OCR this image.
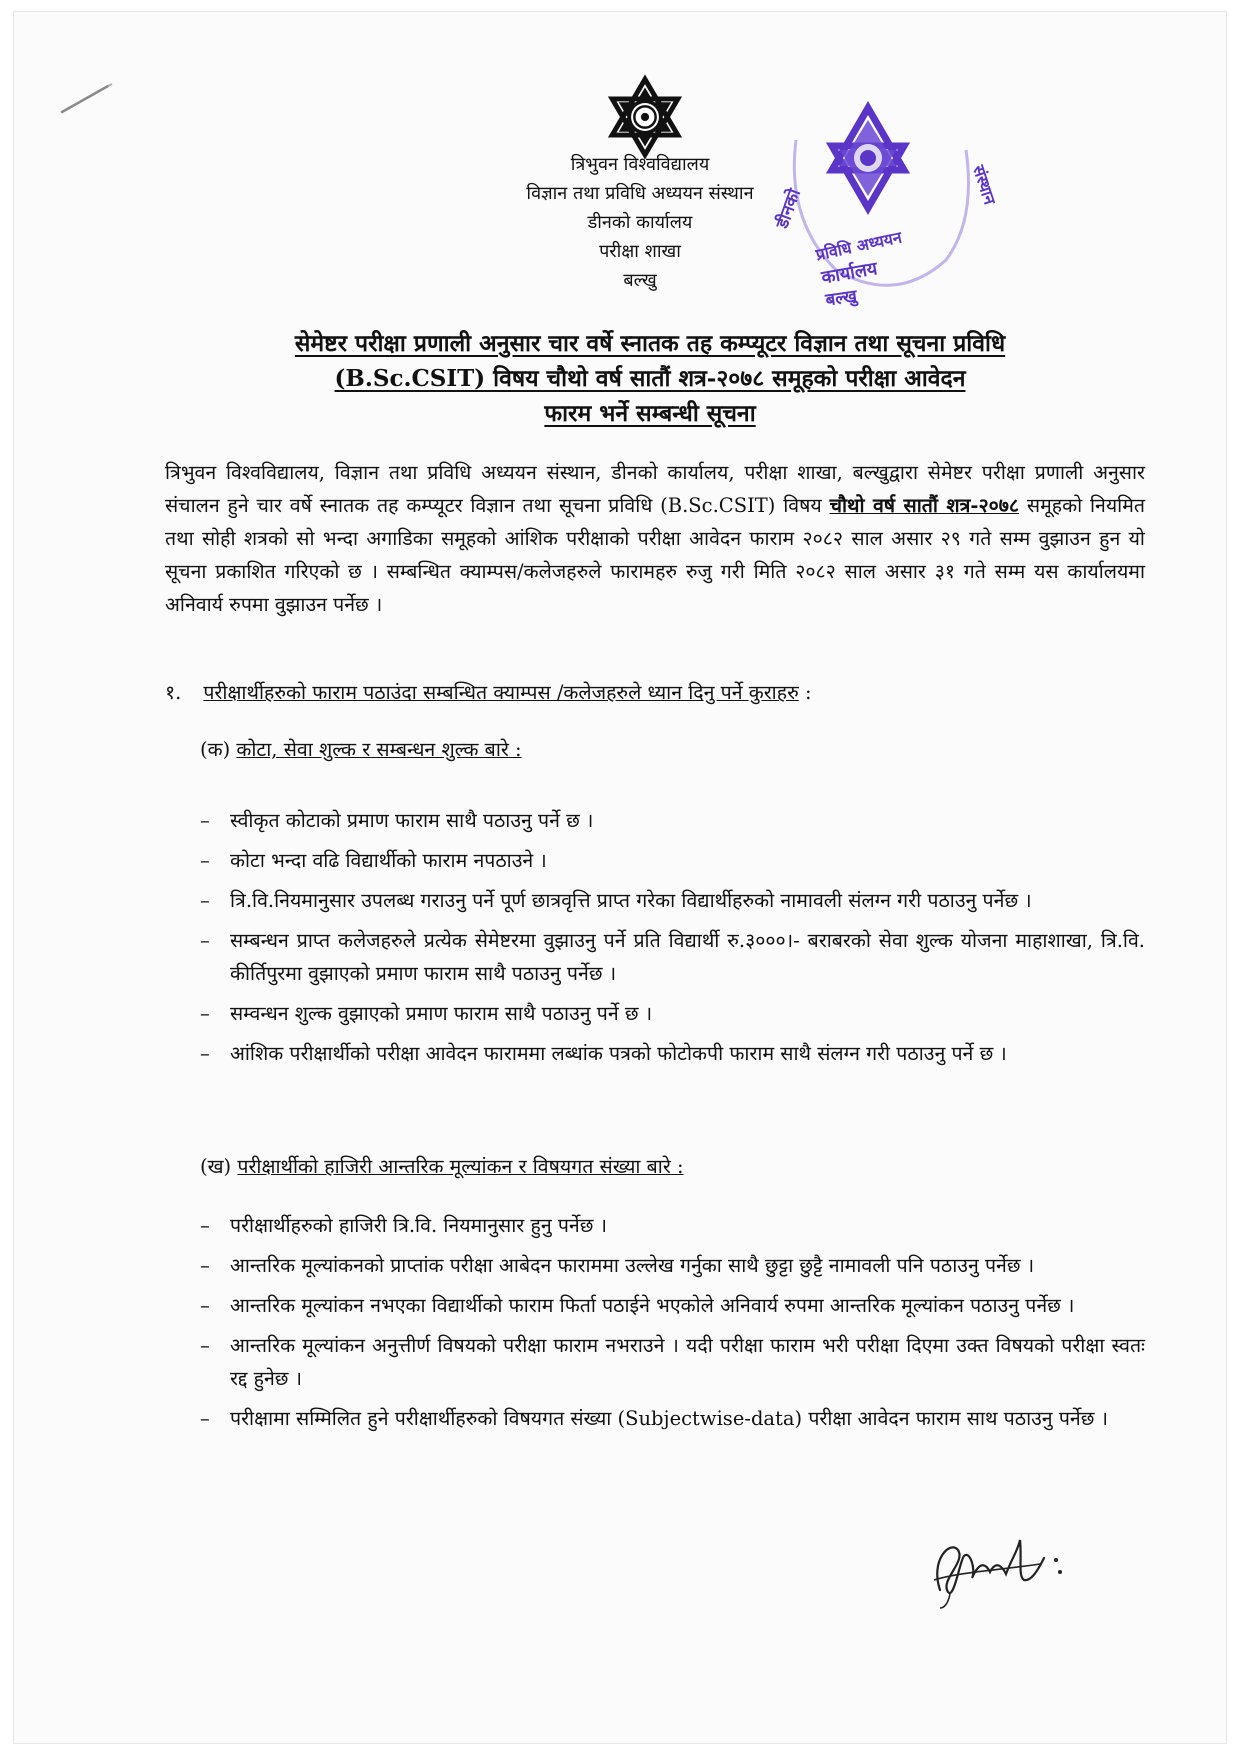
डीनको
संस्थान
प्रविधि अध्ययन
कार्यालय
बल्खु
त्रिभुवन विश्वविद्यालय
विज्ञान तथा प्रविधि अध्ययन संस्थान
डीनको कार्यालय
परीक्षा शाखा
बल्खु
सेमेष्टर परीक्षा प्रणाली अनुसार चार वर्षे स्नातक तह कम्प्यूटर विज्ञान तथा सूचना प्रविधि
(B.Sc.CSIT) विषय चौथो वर्ष सातौं शत्र-२०७८ समूहको परीक्षा आवेदन
फारम भर्ने सम्बन्धी सूचना
त्रिभुवन विश्वविद्यालय, विज्ञान तथा प्रविधि अध्ययन संस्थान, डीनको कार्यालय, परीक्षा शाखा, बल्खुद्वारा सेमेष्टर परीक्षा प्रणाली अनुसार संचालन हुने चार वर्षे स्नातक तह कम्प्यूटर विज्ञान तथा सूचना प्रविधि (B.Sc.CSIT) विषय चौथो वर्ष सातौं शत्र-२०७८ समूहको नियमित तथा सोही शत्रको सो भन्दा अगाडिका समूहको आंशिक परीक्षाको परीक्षा आवेदन फाराम २०८२ साल असार २९ गते सम्म वुझाउन हुन यो सूचना प्रकाशित गरिएको छ । सम्बन्धित क्याम्पस/कलेजहरुले फारामहरु रुजु गरी मिति २०८२ साल असार ३१ गते सम्म यस कार्यालयमा अनिवार्य रुपमा वुझाउन पर्नेछ ।
१. परीक्षार्थीहरुको फाराम पठाउंदा सम्बन्धित क्याम्पस /कलेजहरुले ध्यान दिनु पर्ने कुराहरु :
(क) कोटा, सेवा शुल्क र सम्बन्धन शुल्क बारे :
– स्वीकृत कोटाको प्रमाण फाराम साथै पठाउनु पर्ने छ ।
– कोटा भन्दा वढि विद्यार्थीको फाराम नपठाउने ।
– त्रि.वि.नियमानुसार उपलब्ध गराउनु पर्ने पूर्ण छात्रवृत्ति प्राप्त गरेका विद्यार्थीहरुको नामावली संलग्न गरी पठाउनु पर्नेछ ।
– सम्बन्धन प्राप्त कलेजहरुले प्रत्येक सेमेष्टरमा वुझाउनु पर्ने प्रति विद्यार्थी रु.३०००।- बराबरको सेवा शुल्क योजना माहाशाखा, त्रि.वि. कीर्तिपुरमा वुझाएको प्रमाण फाराम साथै पठाउनु पर्नेछ ।
– सम्वन्धन शुल्क वुझाएको प्रमाण फाराम साथै पठाउनु पर्ने छ ।
– आंशिक परीक्षार्थीको परीक्षा आवेदन फाराममा लब्धांक पत्रको फोटोकपी फाराम साथै संलग्न गरी पठाउनु पर्ने छ ।
(ख) परीक्षार्थीको हाजिरी आन्तरिक मूल्यांकन र विषयगत संख्या बारे :
– परीक्षार्थीहरुको हाजिरी त्रि.वि. नियमानुसार हुनु पर्नेछ ।
– आन्तरिक मूल्यांकनको प्राप्तांक परीक्षा आबेदन फाराममा उल्लेख गर्नुका साथै छुट्टा छुट्टै नामावली पनि पठाउनु पर्नेछ ।
– आन्तरिक मूल्यांकन नभएका विद्यार्थीको फाराम फिर्ता पठाईने भएकोले अनिवार्य रुपमा आन्तरिक मूल्यांकन पठाउनु पर्नेछ ।
– आन्तरिक मूल्यांकन अनुत्तीर्ण विषयको परीक्षा फाराम नभराउने । यदी परीक्षा फाराम भरी परीक्षा दिएमा उक्त विषयको परीक्षा स्वतः रद्द हुनेछ ।
– परीक्षामा सम्मिलित हुने परीक्षार्थीहरुको विषयगत संख्या (Subjectwise-data) परीक्षा आवेदन फाराम साथ पठाउनु पर्नेछ ।
